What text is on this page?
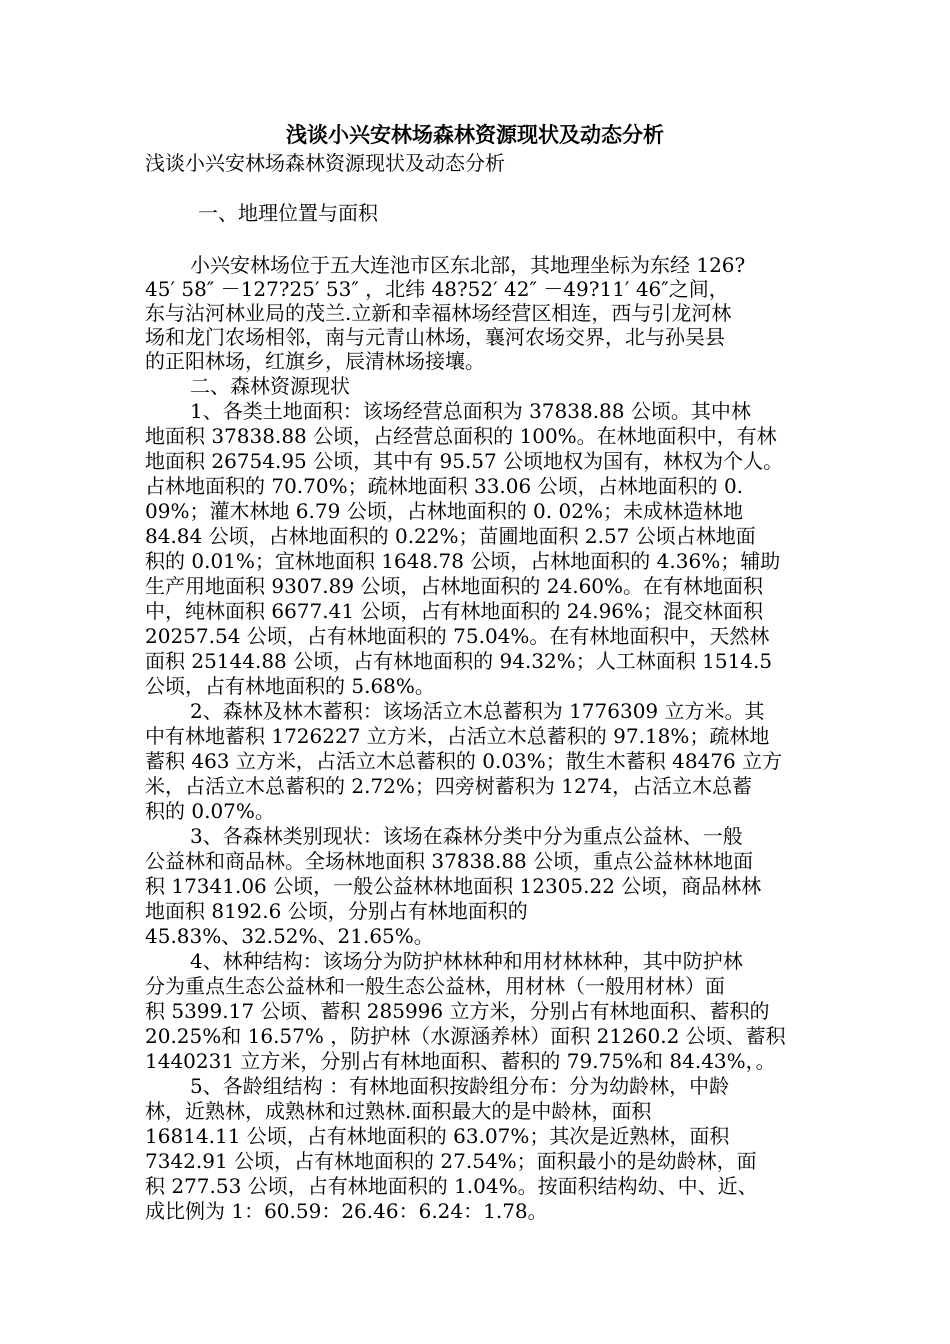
浅谈小兴安林场森林资源现状及动态分析
浅谈小兴安林场森林资源现状及动态分析
一、地理位置与面积
小兴安林场位于五大连池市区东北部，其地理坐标为东经 126?
45′ 58″ －127?25′ 53″ ，北纬 48?52′ 42″ －49?11′ 46″之间，
东与沾河林业局的茂兰.立新和幸福林场经营区相连，西与引龙河林
场和龙门农场相邻，南与元青山林场，襄河农场交界，北与孙吴县
的正阳林场，红旗乡，辰清林场接壤。
二、森林资源现状
1、各类土地面积：该场经营总面积为 37838.88 公顷。其中林
地面积 37838.88 公顷，占经营总面积的 100%。在林地面积中，有林
地面积 26754.95 公顷，其中有 95.57 公顷地权为国有，林权为个人。
占林地面积的 70.70%；疏林地面积 33.06 公顷，占林地面积的 0.
09%；灌木林地 6.79 公顷，占林地面积的 0. 02%；未成林造林地
84.84 公顷，占林地面积的 0.22%；苗圃地面积 2.57 公顷占林地面
积的 0.01%；宜林地面积 1648.78 公顷，占林地面积的 4.36%；辅助
生产用地面积 9307.89 公顷，占林地面积的 24.60%。在有林地面积
中，纯林面积 6677.41 公顷，占有林地面积的 24.96%；混交林面积
20257.54 公顷，占有林地面积的 75.04%。在有林地面积中，天然林
面积 25144.88 公顷，占有林地面积的 94.32%；人工林面积 1514.5
公顷，占有林地面积的 5.68%。
2、森林及林木蓄积：该场活立木总蓄积为 1776309 立方米。其
中有林地蓄积 1726227 立方米，占活立木总蓄积的 97.18%；疏林地
蓄积 463 立方米，占活立木总蓄积的 0.03%；散生木蓄积 48476 立方
米，占活立木总蓄积的 2.72%；四旁树蓄积为 1274，占活立木总蓄
积的 0.07%。
3、各森林类别现状：该场在森林分类中分为重点公益林、一般
公益林和商品林。全场林地面积 37838.88 公顷，重点公益林林地面
积 17341.06 公顷，一般公益林林地面积 12305.22 公顷，商品林林
地面积 8192.6 公顷，分别占有林地面积的
45.83%、32.52%、21.65%。
4、林种结构：该场分为防护林林种和用材林林种，其中防护林
分为重点生态公益林和一般生态公益林，用材林（一般用材林）面
积 5399.17 公顷、蓄积 285996 立方米，分别占有林地面积、蓄积的
20.25%和 16.57% ，防护林（水源涵养林）面积 21260.2 公顷、蓄积
1440231 立方米，分别占有林地面积、蓄积的 79.75%和 84.43%，。
5、各龄组结构 ：有林地面积按龄组分布：分为幼龄林，中龄
林，近熟林，成熟林和过熟林.面积最大的是中龄林，面积
16814.11 公顷，占有林地面积的 63.07%；其次是近熟林，面积
7342.91 公顷，占有林地面积的 27.54%；面积最小的是幼龄林，面
积 277.53 公顷，占有林地面积的 1.04%。按面积结构幼、中、近、
成比例为 1：60.59：26.46：6.24：1.78。
